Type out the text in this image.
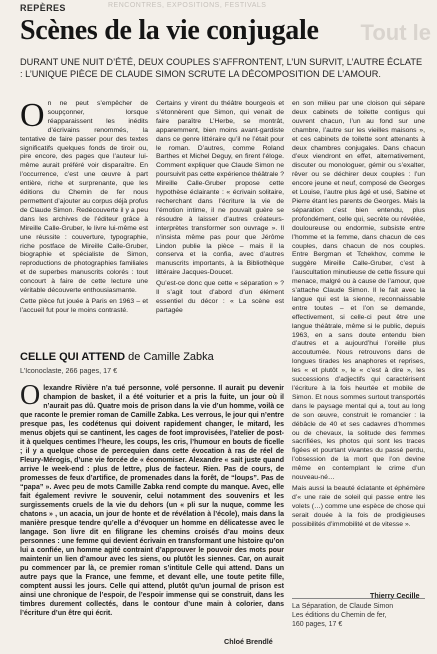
RENCONTRES, EXPOSITIONS, FESTIVALS
Tout le
REPÈRES
Scènes de la vie conjugale
DURANT UNE NUIT D’ÉTÉ, DEUX COUPLES S’AFFRONTENT, L’UN SURVIT, L’AUTRE ÉCLATE : L’UNIQUE PIÈCE DE CLAUDE SIMON SCRUTE LA DÉCOMPOSITION DE L’AMOUR.

On ne peut s’empêcher de soupçonner, lorsque réapparaissent les inédits d’écrivains renommés, la tentative de faire passer pour des textes significatifs quelques fonds de tiroir ou, pire encore, des pages que l’auteur lui-même aurait préféré voir disparaître. En l’occurrence, c’est une œuvre à part entière, riche et surprenante, que les éditions du Chemin de fer nous permettent d’ajouter au corpus déjà profus de Claude Simon. Redécouverte il y a peu dans les archives de l’éditeur grâce à Mireille Calle-Gruber, le livre lui-même est une réussite : couverture, typographie, riche postface de Mireille Calle-Gruber, biographie et spécialiste de Simon, reproductions de photographies familiales et de superbes manuscrits colorés : tout concourt à faire de cette lecture une véritable découverte enthousiasmante.

Cette pièce fut jouée à Paris en 1963 – et l’accueil fut pour le moins contrasté.

Certains y virent du théâtre bourgeois et s’étonnèrent que Simon, qui venait de faire paraître L’Herbe, se montrât, apparemment, bien moins avant-gardiste dans ce genre littéraire qu’il ne l’était pour le roman. D’autres, comme Roland Barthes et Michel Deguy, en firent l’éloge. Comment expliquer que Claude Simon ne poursuivit pas cette expérience théâtrale ? Mireille Calle-Gruber propose cette hypothèse éclairante : « écrivain solitaire, recherchant dans l’écriture la vie de l’émotion intime, il ne pouvait guère se résoudre à laisser d’autres créateurs-interprètes transformer son ouvrage ». Il n’insista même pas pour que Jérôme Lindon publie la pièce – mais il la conserva et la confia, avec d’autres manuscrits importants, à la Bibliothèque littéraire Jacques-Doucet.

Qu’est-ce donc que cette « séparation » ? Il s’agit tout d’abord d’un élément essentiel du décor : « La scène est partagée

en son milieu par une cloison qui sépare deux cabinets de toilette contigus qui ouvrent chacun, l’un au fond sur une chambre, l’autre sur les vieilles maisons », et ces cabinets de toilette sont attenants à deux chambres conjugales. Dans chacun d’eux viendront en effet, alternativement, discuter ou monologuer, gémir ou s’exalter, rêver ou se déchirer deux couples : l’un encore jeune et neuf, composé de Georges et Louise, l’autre plus âgé et usé, Sabine et Pierre étant les parents de Georges. Mais la séparation c’est bien entendu, plus profondément, celle qui, secrète ou révélée, douloureuse ou endormie, subsiste entre l’homme et la femme, dans chacun de ces couples, dans chacun de nos couples. Entre Bergman et Tchekhov, comme le suggère Mireille Calle-Gruber, c’est à l’auscultation minutieuse de cette fissure qui menace, malgré ou à cause de l’amour, que s’attache Claude Simon. Il le fait avec la langue qui est la sienne, reconnaissable entre toutes – et l’on se demande, effectivement, si celle-ci peut être une langue théâtrale, même si le public, depuis 1963, en a sans doute entendu bien d’autres et a aujourd’hui l’oreille plus accoutumée. Nous retrouvons dans de longues tirades les anaphores et reprises, les « et plutôt », le « c’est à dire », les successions d’adjectifs qui caractérisent l’écriture à la fois heurtée et mobile de Simon. Et nous sommes surtout transportés dans le paysage mental qui a, tout au long de son œuvre, construit le romancier : la débâcle de 40 et ses cadavres d’hommes ou de chevaux, la solitude des femmes sacrifiées, les photos qui sont les traces figées et pourtant vivantes du passé perdu, l’obsession de la mort que l’on devine même en contemplant le crime d’un nouveau-né…

Mais aussi la beauté éclatante et éphémère d’« une raie de soleil qui passe entre les volets (…) comme une espèce de chose qui serait douée à la fois de prodigieuses possibilités d’immobilité et de vitesse ».

CELLE QUI ATTEND de Camille Zabka
L’Iconoclaste, 266 pages, 17 €
Olexandre Rivière n’a tué personne, volé personne. Il aurait pu devenir champion de basket, il a été voiturier et a pris la fuite, un jour où il n’aurait pas dû. Quatre mois de prison dans la vie d’un homme, voilà ce que raconte le premier roman de Camille Zabka. Les verrous, le jour qui n’entre presque pas, les codétenus qui doivent rapidement changer, le mitard, les menus objets qui se cantinent, les cages de foot improvisées, l’atelier de post-it à quelques centimes l’heure, les coups, les cris, l’humour en bouts de ficelle ; il y a quelque chose de percequien dans cette évocation à ras de réel de Fleury-Mérogis, d’une vie forcée de « économiser. Alexandre « sait juste quand arrive le week-end : plus de lettre, plus de facteur. Rien. Pas de cours, de promesses de feux d’artifice, de promenades dans la forêt, de “loups”. Pas de “papa” ». Avec peu de mots Camille Zabka rend compte du manque. Avec, elle fait également revivre le souvenir, celui notamment des souvenirs et les surgissements cruels de la vie du dehors (un « pli sur la nuque, comme les chatons » , un acacia, un jour de honte et de révélation à l’école), mais dans la manière presque tendre qu’elle a d’évoquer un homme en délicatesse avec le langage. Son livre dit en filigrane les chemins croisés d’au moins deux personnes : une femme qui devient écrivain en transformant une histoire qu’on lui a confiée, un homme agité contraint d’approuver le pouvoir des mots pour maintenir un lien d’amour avec les siens, ou plutôt les siennes. Car, on aurait pu commencer par là, ce premier roman s’intitule Celle qui attend. Dans un autre pays que la France, une femme, et devant elle, une toute petite fille, comptent aussi les jours. Celle qui attend, plutôt qu’un journal de prison est ainsi une chronique de l’espoir, de l’espoir immense qui se construit, dans les timbres durement collectés, dans le contour d’une main à colorier, dans l’écriture d’un être qui écrit.
Chloé Brendlé
Thierry Cecille
La Séparation, de Claude Simon
Les éditions du Chemin de fer,
160 pages, 17 €
